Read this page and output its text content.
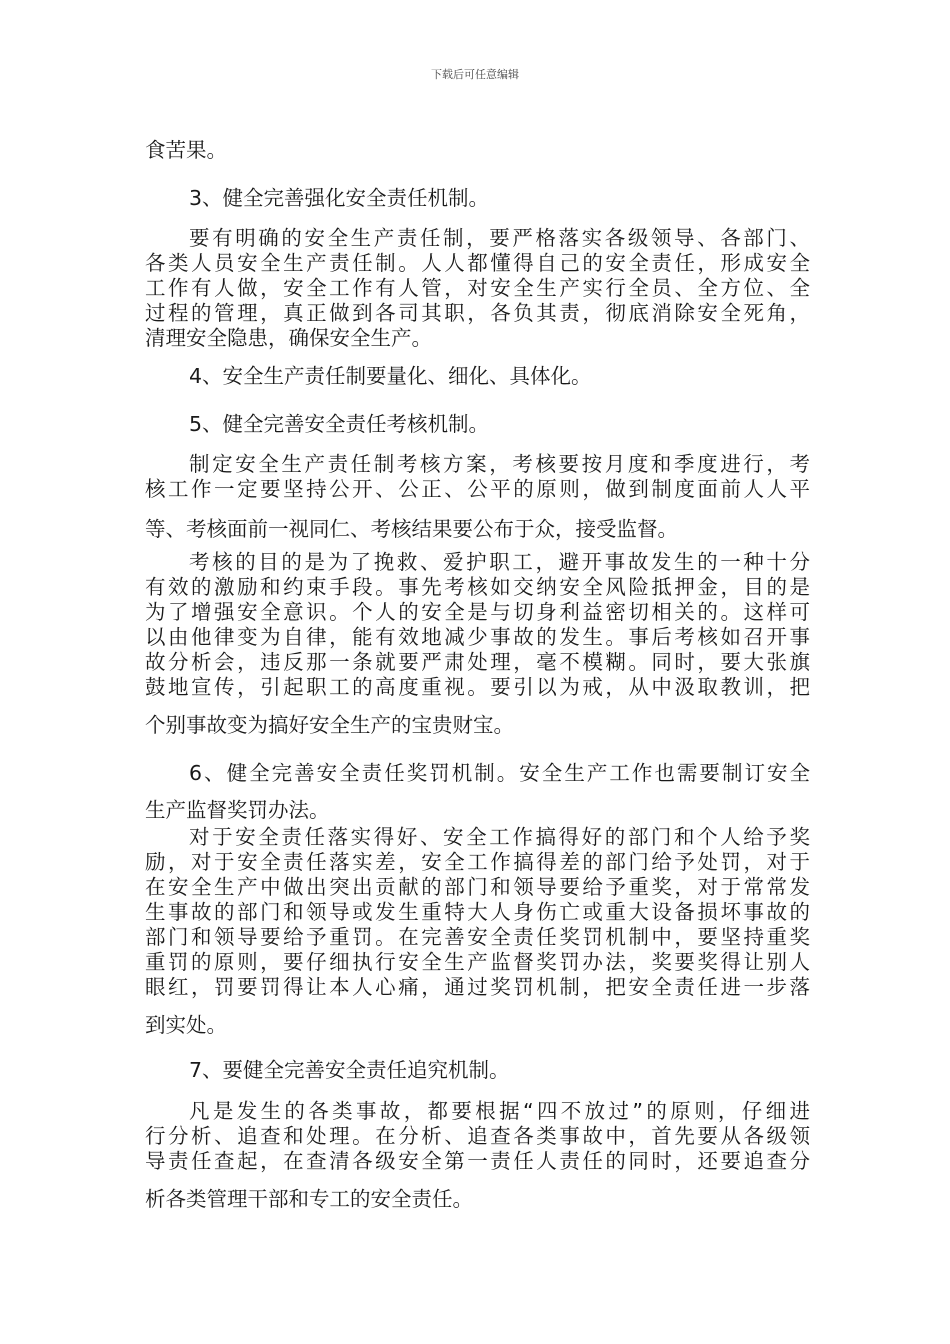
下载后可任意编辑
食苦果。
3、健全完善强化安全责任机制。
要有明确的安全生产责任制，要严格落实各级领导、各部门、
各类人员安全生产责任制。人人都懂得自己的安全责任，形成安全
工作有人做，安全工作有人管，对安全生产实行全员、全方位、全
过程的管理，真正做到各司其职，各负其责，彻底消除安全死角，
清理安全隐患，确保安全生产。
4、安全生产责任制要量化、细化、具体化。
5、健全完善安全责任考核机制。
制定安全生产责任制考核方案，考核要按月度和季度进行，考
核工作一定要坚持公开、公正、公平的原则，做到制度面前人人平
等、考核面前一视同仁、考核结果要公布于众，接受监督。
考核的目的是为了挽救、爱护职工，避开事故发生的一种十分
有效的激励和约束手段。事先考核如交纳安全风险抵押金，目的是
为了增强安全意识。个人的安全是与切身利益密切相关的。这样可
以由他律变为自律，能有效地减少事故的发生。事后考核如召开事
故分析会，违反那一条就要严肃处理，毫不模糊。同时，要大张旗
鼓地宣传，引起职工的高度重视。要引以为戒，从中汲取教训，把
个别事故变为搞好安全生产的宝贵财宝。
6、健全完善安全责任奖罚机制。安全生产工作也需要制订安全
生产监督奖罚办法。
对于安全责任落实得好、安全工作搞得好的部门和个人给予奖
励，对于安全责任落实差，安全工作搞得差的部门给予处罚，对于
在安全生产中做出突出贡献的部门和领导要给予重奖，对于常常发
生事故的部门和领导或发生重特大人身伤亡或重大设备损坏事故的
部门和领导要给予重罚。在完善安全责任奖罚机制中，要坚持重奖
重罚的原则，要仔细执行安全生产监督奖罚办法，奖要奖得让别人
眼红，罚要罚得让本人心痛，通过奖罚机制，把安全责任进一步落
到实处。
7、要健全完善安全责任追究机制。
凡是发生的各类事故，都要根据“四不放过”的原则，仔细进
行分析、追查和处理。在分析、追查各类事故中，首先要从各级领
导责任查起，在查清各级安全第一责任人责任的同时，还要追查分
析各类管理干部和专工的安全责任。
